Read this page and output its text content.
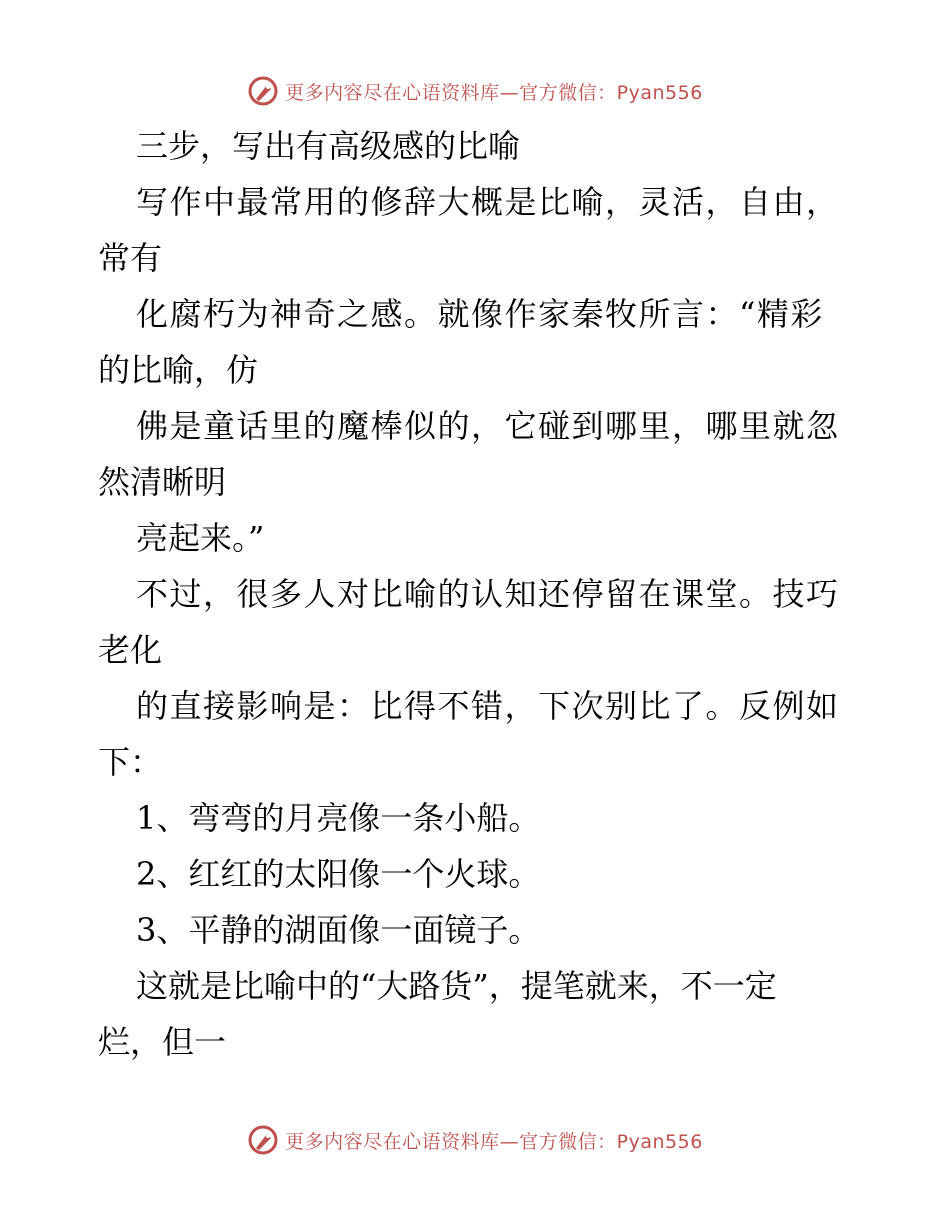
更多内容尽在心语资料库—官方微信：Pyan556

三步，写出有高级感的比喻

写作中最常用的修辞大概是比喻，灵活，自由，

常有

化腐朽为神奇之感。就像作家秦牧所言：“精彩

的比喻，仿

佛是童话里的魔棒似的，它碰到哪里，哪里就忽

然清晰明

亮起来。”

不过，很多人对比喻的认知还停留在课堂。技巧

老化

的直接影响是：比得不错，下次别比了。反例如

下：

1、弯弯的月亮像一条小船。

2、红红的太阳像一个火球。

3、平静的湖面像一面镜子。

这就是比喻中的“大路货”，提笔就来，不一定

烂，但一

更多内容尽在心语资料库—官方微信：Pyan556
